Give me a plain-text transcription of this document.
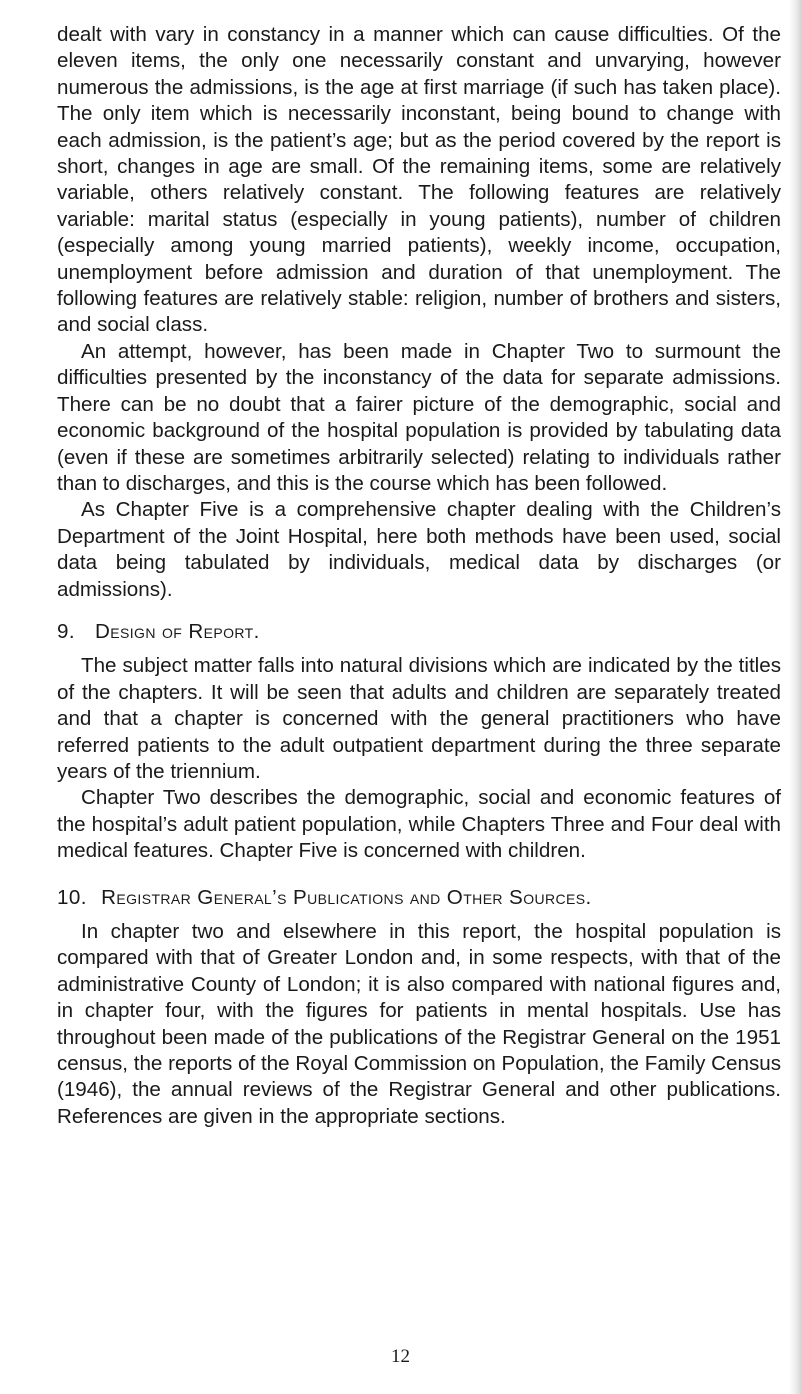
dealt with vary in constancy in a manner which can cause difficulties. Of the eleven items, the only one necessarily constant and unvarying, however numerous the admissions, is the age at first marriage (if such has taken place). The only item which is necessarily inconstant, being bound to change with each admission, is the patient’s age; but as the period covered by the report is short, changes in age are small. Of the remaining items, some are relatively variable, others relatively constant. The following features are relatively variable: marital status (especially in young patients), number of children (especially among young married patients), weekly income, occupation, unemployment before admission and duration of that unemployment. The following features are relatively stable: religion, number of brothers and sisters, and social class.

An attempt, however, has been made in Chapter Two to surmount the difficulties presented by the inconstancy of the data for separate admissions. There can be no doubt that a fairer picture of the demographic, social and economic background of the hospital population is provided by tabulating data (even if these are sometimes arbitrarily selected) relating to individuals rather than to discharges, and this is the course which has been followed.

As Chapter Five is a comprehensive chapter dealing with the Children’s Department of the Joint Hospital, here both methods have been used, social data being tabulated by individuals, medical data by discharges (or admissions).

9. Design of Report.

The subject matter falls into natural divisions which are indicated by the titles of the chapters. It will be seen that adults and children are separately treated and that a chapter is concerned with the general practitioners who have referred patients to the adult outpatient department during the three separate years of the triennium.

Chapter Two describes the demographic, social and economic features of the hospital’s adult patient population, while Chapters Three and Four deal with medical features. Chapter Five is concerned with children.

10. Registrar General’s Publications and Other Sources.

In chapter two and elsewhere in this report, the hospital population is compared with that of Greater London and, in some respects, with that of the administrative County of London; it is also compared with national figures and, in chapter four, with the figures for patients in mental hospitals. Use has throughout been made of the publications of the Registrar General on the 1951 census, the reports of the Royal Commission on Population, the Family Census (1946), the annual reviews of the Registrar General and other publications. References are given in the appropriate sections.

12
